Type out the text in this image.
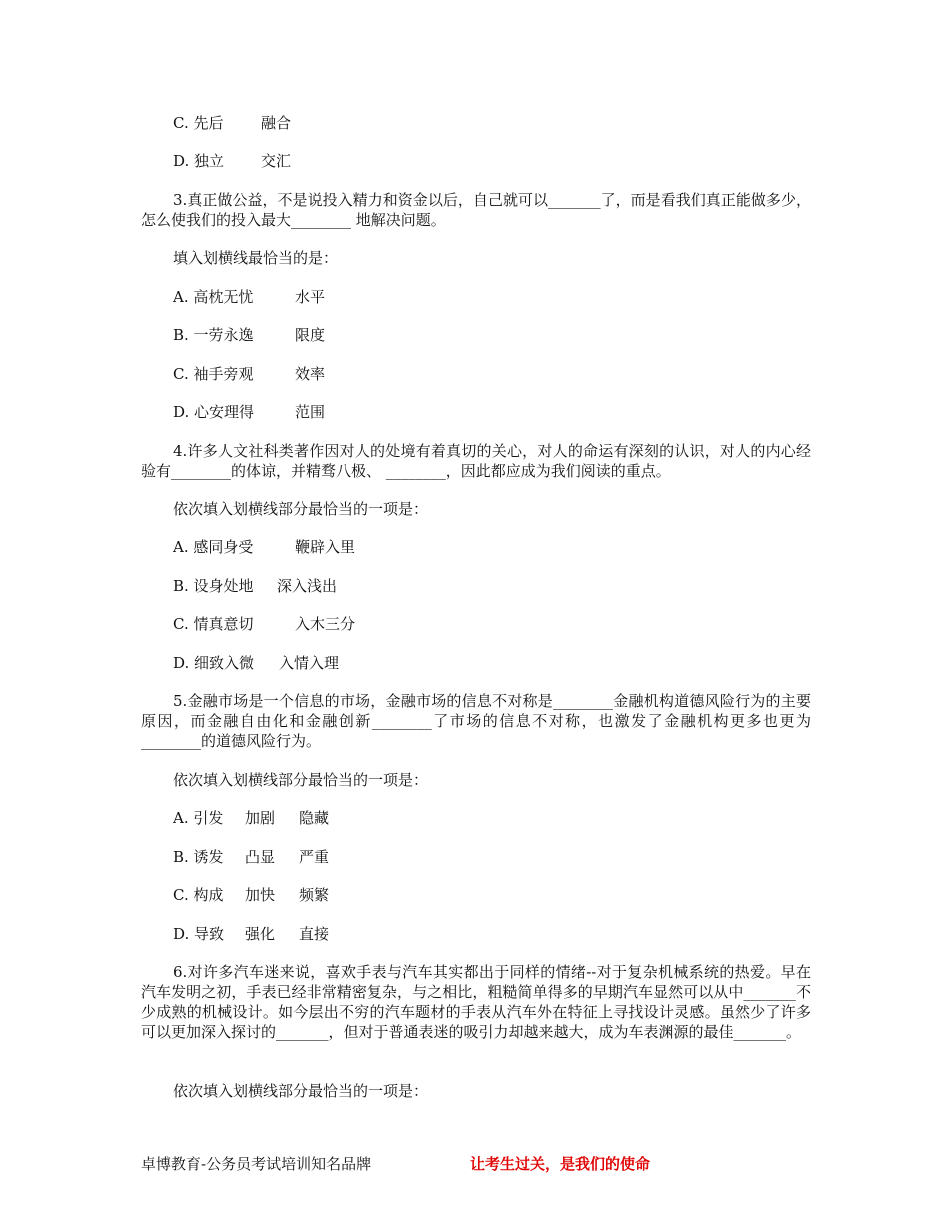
C. 先后	融合
D. 独立 交汇

3.真正做公益，不是说投入精力和资金以后，自己就可以_______了，而是看我们真正能做多少，怎么使我们的投入最大________ 地解决问题。

填入划横线最恰当的是：
A. 高枕无忧	水平
B. 一劳永逸	限度
C. 袖手旁观	效率
D. 心安理得	范围

4.许多人文社科类著作因对人的处境有着真切的关心，对人的命运有深刻的认识，对人的内心经验有________的体谅，并精骛八极、 ________，因此都应成为我们阅读的重点。

依次填入划横线部分最恰当的一项是：
A. 感同身受	鞭辟入里
B. 设身处地 深入浅出
C. 情真意切	入木三分
D. 细致入微 入情入理

5.金融市场是一个信息的市场，金融市场的信息不对称是________金融机构道德风险行为的主要原因，而金融自由化和金融创新________了市场的信息不对称，也激发了金融机构更多也更为________的道德风险行为。

依次填入划横线部分最恰当的一项是：
A. 引发 加剧 隐藏
B. 诱发 凸显 严重
C. 构成 加快 频繁
D. 导致 强化 直接

6.对许多汽车迷来说，喜欢手表与汽车其实都出于同样的情绪--对于复杂机械系统的热爱。早在汽车发明之初，手表已经非常精密复杂，与之相比，粗糙简单得多的早期汽车显然可以从中_______不少成熟的机械设计。如今层出不穷的汽车题材的手表从汽车外在特征上寻找设计灵感。虽然少了许多可以更加深入探讨的_______，但对于普通表迷的吸引力却越来越大，成为车表渊源的最佳_______。

依次填入划横线部分最恰当的一项是：
卓博教育-公务员考试培训知名品牌	让考生过关，是我们的使命
